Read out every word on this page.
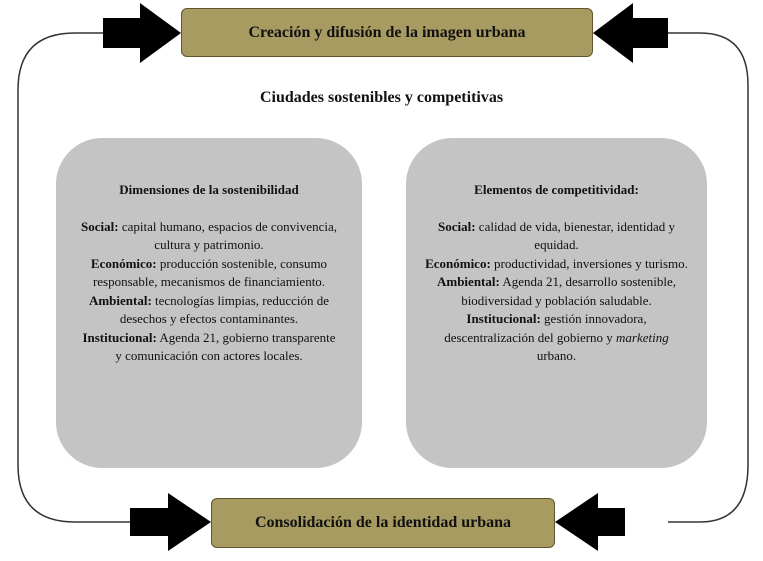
Creación y difusión de la imagen urbana
Ciudades sostenibles y competitivas
Dimensiones de la sostenibilidad

Social: capital humano, espacios de convivencia, cultura y patrimonio.

Económico: producción sostenible, consumo responsable, mecanismos de financiamiento.

Ambiental: tecnologías limpias, reducción de desechos y efectos contaminantes.

Institucional: Agenda 21, gobierno transparente y comunicación con actores locales.

Elementos de competitividad:

Social: calidad de vida, bienestar, identidad y equidad.

Económico: productividad, inversiones y turismo.

Ambiental: Agenda 21, desarrollo sostenible, biodiversidad y población saludable.

Institucional: gestión innovadora, descentralización del gobierno y marketing urbano.

Consolidación de la identidad urbana
